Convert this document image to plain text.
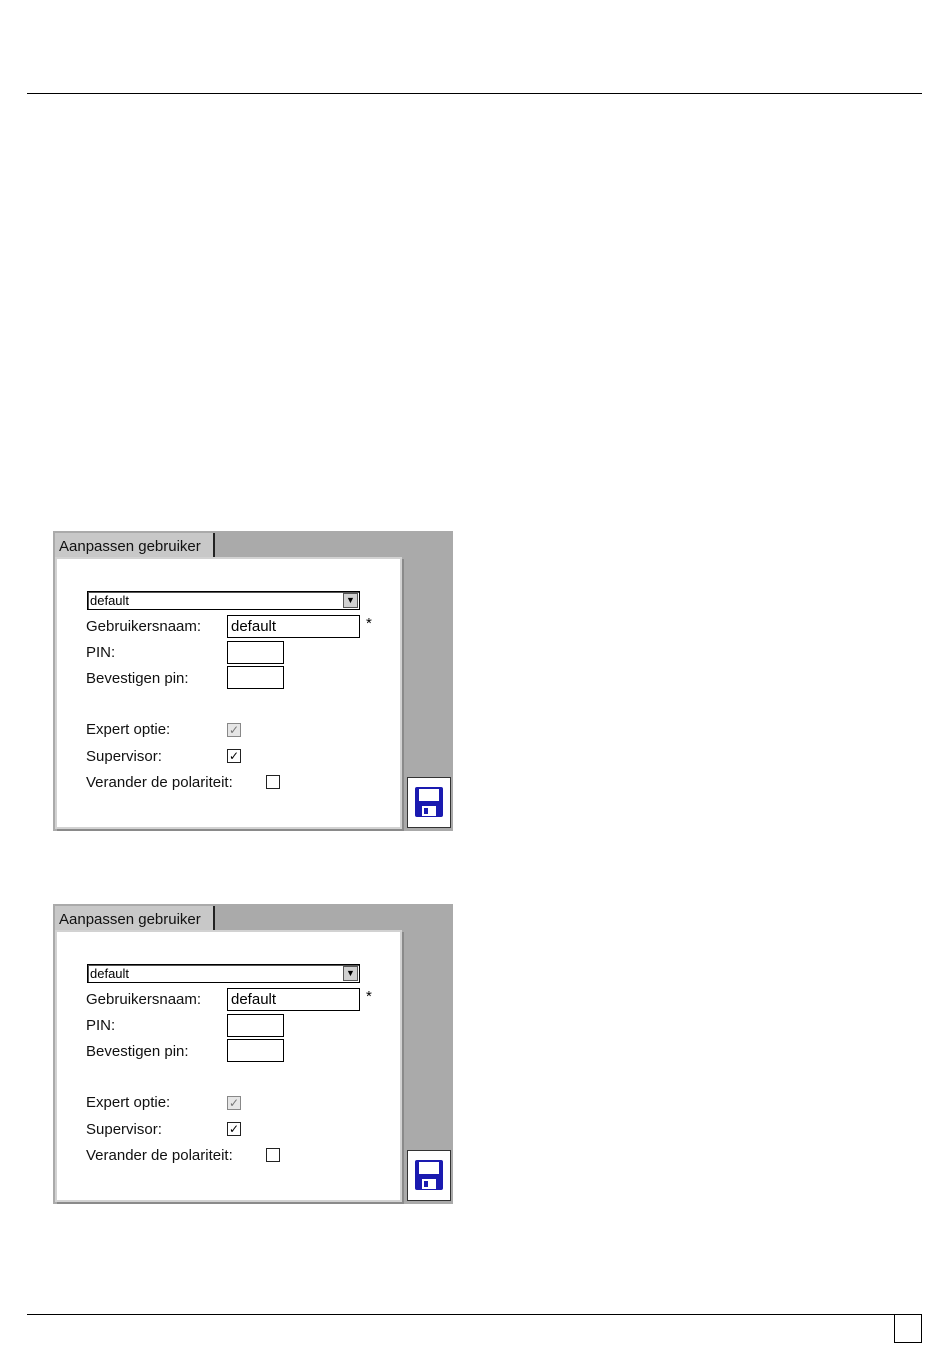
Aanpassen gebruiker
default	▼
Gebruikersnaam: default	*
PIN:
Bevestigen pin:
Expert optie:	✓
Supervisor:	✓
Verander de polariteit:
Aanpassen gebruiker
default	▼
Gebruikersnaam: default	*
PIN:
Bevestigen pin:
Expert optie:	✓
Supervisor:	✓
Verander de polariteit:
